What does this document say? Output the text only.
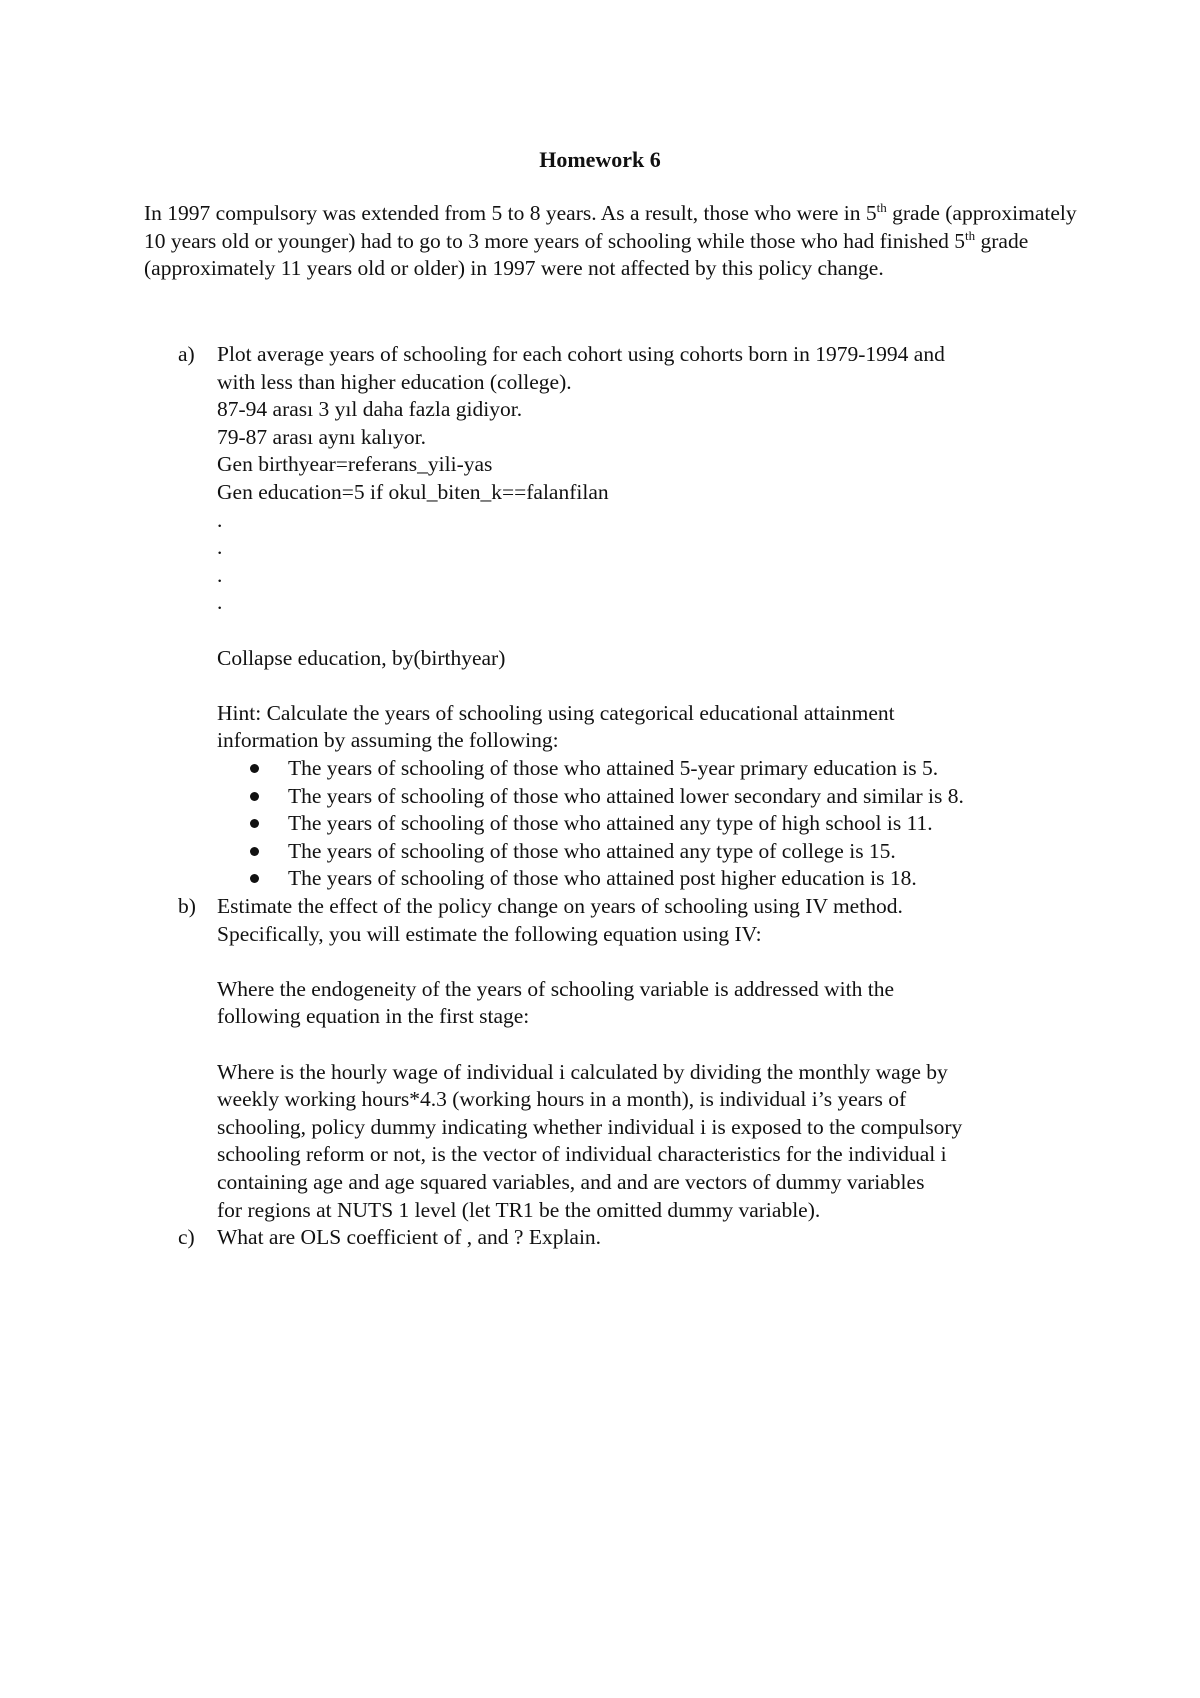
Homework 6
In 1997 compulsory was extended from 5 to 8 years. As a result, those who were in 5th grade (approximately 10 years old or younger) had to go to 3 more years of schooling while those who had finished 5th grade (approximately 11 years old or older) in 1997 were not affected by this policy change.
a) Plot average years of schooling for each cohort using cohorts born in 1979-1994 and
with less than higher education (college).
87-94 arası 3 yıl daha fazla gidiyor.
79-87 arası aynı kalıyor.
Gen birthyear=referans_yili-yas
Gen education=5 if okul_biten_k==falanfilan
.
.
.
.
Collapse education, by(birthyear)
Hint: Calculate the years of schooling using categorical educational attainment
information by assuming the following:
The years of schooling of those who attained 5-year primary education is 5.
The years of schooling of those who attained lower secondary and similar is 8.
The years of schooling of those who attained any type of high school is 11.
The years of schooling of those who attained any type of college is 15.
The years of schooling of those who attained post higher education is 18.
b) Estimate the effect of the policy change on years of schooling using IV method.
Specifically, you will estimate the following equation using IV:
Where the endogeneity of the years of schooling variable is addressed with the
following equation in the first stage:
Where is the hourly wage of individual i calculated by dividing the monthly wage by
weekly working hours*4.3 (working hours in a month), is individual i’s years of
schooling, policy dummy indicating whether individual i is exposed to the compulsory
schooling reform or not, is the vector of individual characteristics for the individual i
containing age and age squared variables, and and are vectors of dummy variables
for regions at NUTS 1 level (let TR1 be the omitted dummy variable).
c) What are OLS coefficient of , and ? Explain.
